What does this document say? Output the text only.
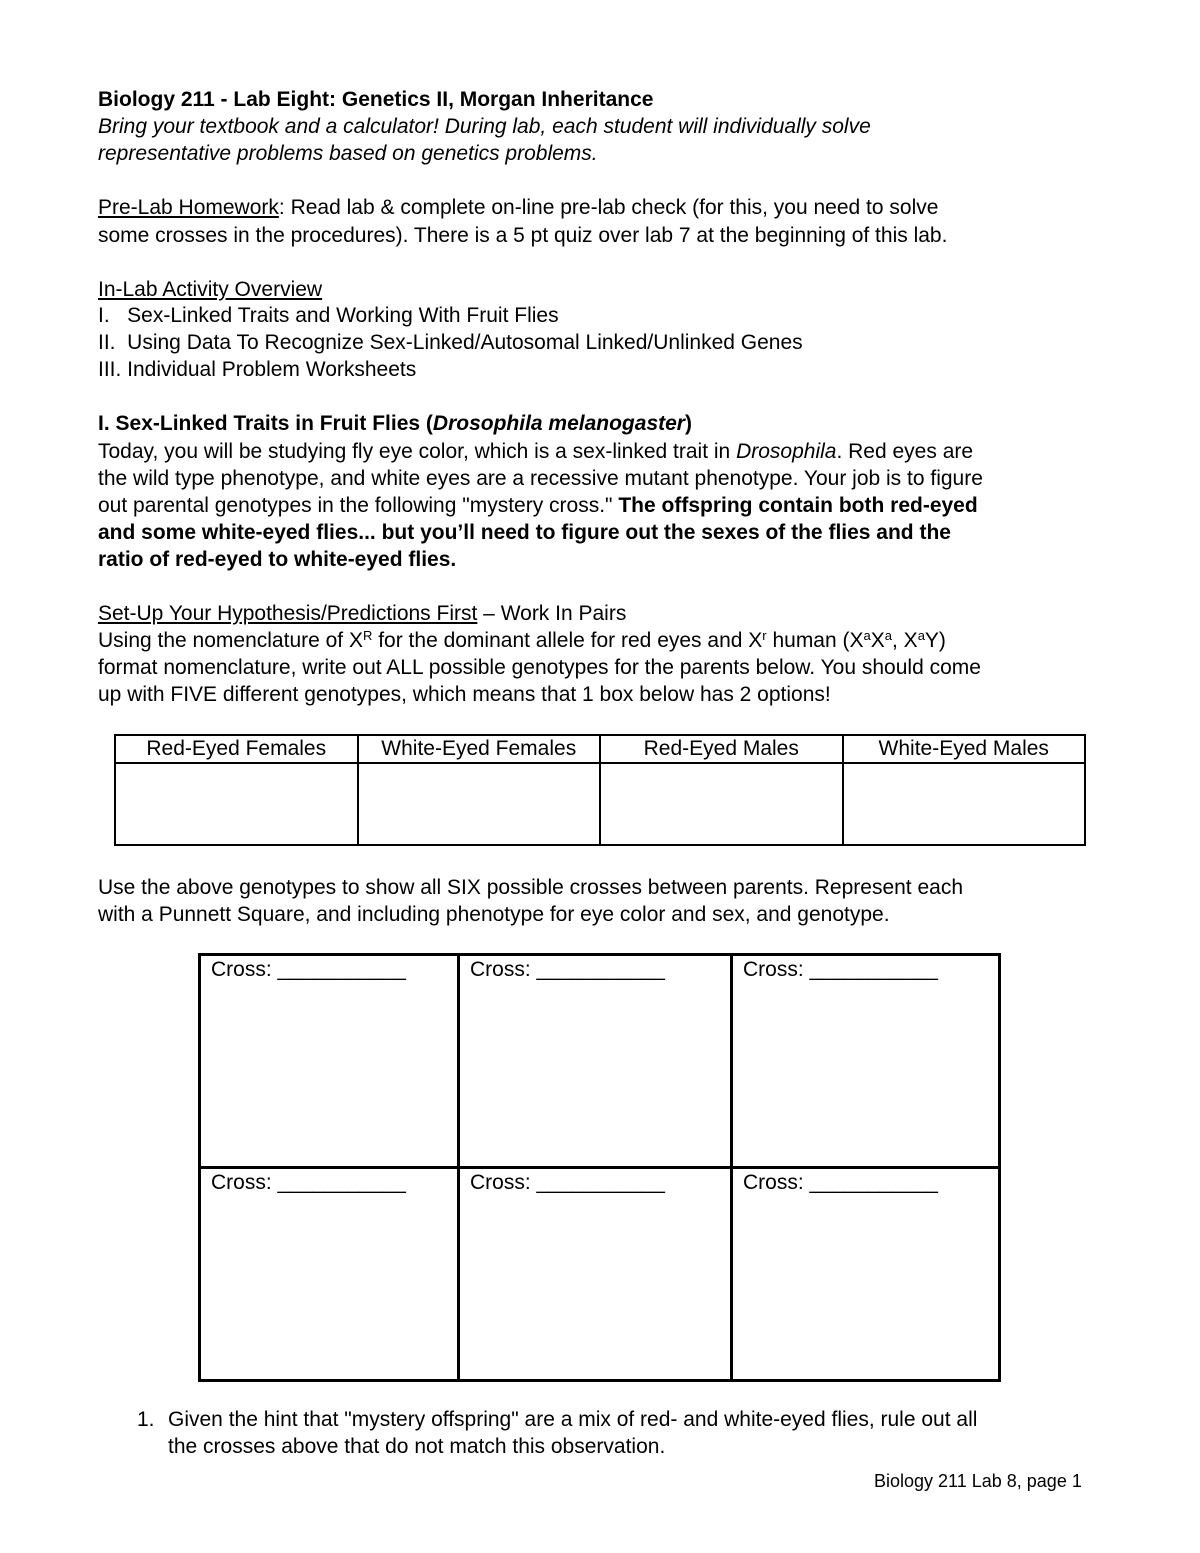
Biology 211 - Lab Eight: Genetics II, Morgan Inheritance
Bring your textbook and a calculator! During lab, each student will individually solve
representative problems based on genetics problems.
Pre-Lab Homework: Read lab & complete on-line pre-lab check (for this, you need to solve
some crosses in the procedures). There is a 5 pt quiz over lab 7 at the beginning of this lab.
In-Lab Activity Overview
I.   Sex-Linked Traits and Working With Fruit Flies
II.  Using Data To Recognize Sex-Linked/Autosomal Linked/Unlinked Genes
III. Individual Problem Worksheets
I. Sex-Linked Traits in Fruit Flies (Drosophila melanogaster)
Today, you will be studying fly eye color, which is a sex-linked trait in Drosophila. Red eyes are
the wild type phenotype, and white eyes are a recessive mutant phenotype. Your job is to figure
out parental genotypes in the following "mystery cross." The offspring contain both red-eyed
and some white-eyed flies... but you’ll need to figure out the sexes of the flies and the
ratio of red-eyed to white-eyed flies.
Set-Up Your Hypothesis/Predictions First – Work In Pairs
Using the nomenclature of $X^R$ for the dominant allele for red eyes and $X^r$ human ($X^aX^a$, $X^aY$)
format nomenclature, write out ALL possible genotypes for the parents below. You should come
up with FIVE different genotypes, which means that 1 box below has 2 options!
Red-Eyed Females	White-Eyed Females	Red-Eyed Males	White-Eyed Males

Use the above genotypes to show all SIX possible crosses between parents. Represent each
with a Punnett Square, and including phenotype for eye color and sex, and genotype.
Cross: ___________	Cross: ___________	Cross: ___________
Cross: ___________	Cross: ___________	Cross: ___________
1. Given the hint that "mystery offspring" are a mix of red- and white-eyed flies, rule out all
the crosses above that do not match this observation.
Biology 211 Lab 8, page 1
